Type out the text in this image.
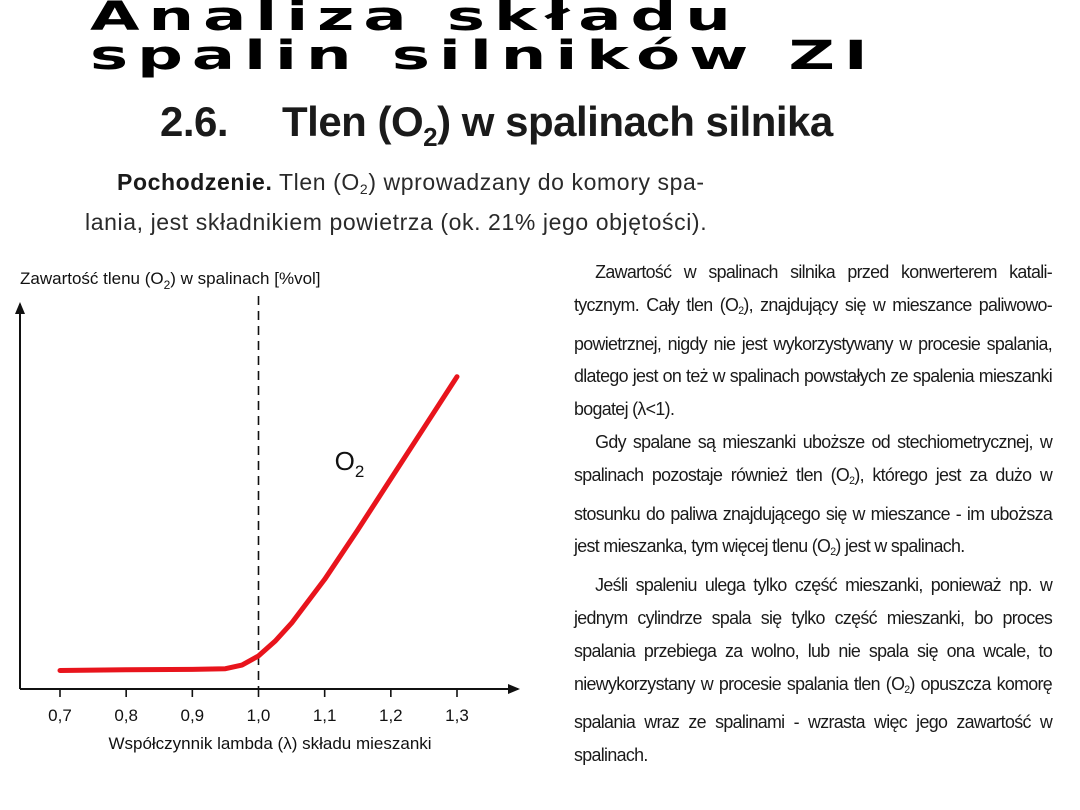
Analiza składu
spalin silników ZI
2.6. Tlen $(O_2)$ w spalinach silnika
Pochodzenie. Tlen $(O_2)$ wprowadzany do komory spa-
lania, jest składnikiem powietrza (ok. 21% jego objętości).
Zawartość tlenu $(O_2)$ w spalinach [%vol]
0,7	0,8	0,9	1,0	1,1	1,2	1,3
$O_2$
Współczynnik lambda (λ) składu mieszanki

Zawartość w spalinach silnika przed konwerterem katali-tycznym. Cały tlen $(O_2)$, znajdujący się w mieszance paliwowo-powietrznej, nigdy nie jest wykorzystywany w procesie spalania, dlatego jest on też w spalinach powstałych ze spalenia mieszanki bogatej (λ<1).

Gdy spalane są mieszanki uboższe od stechiometrycznej, w spalinach pozostaje również tlen $(O_2)$, którego jest za dużo w stosunku do paliwa znajdującego się w mieszance - im uboższa jest mieszanka, tym więcej tlenu $(O_2)$ jest w spalinach.

Jeśli spaleniu ulega tylko część mieszanki, ponieważ np. w jednym cylindrze spala się tylko część mieszanki, bo proces spalania przebiega za wolno, lub nie spala się ona wcale, to niewykorzystany w procesie spalania tlen $(O_2)$ opuszcza komorę spalania wraz ze spalinami - wzrasta więc jego zawartość w spalinach.
